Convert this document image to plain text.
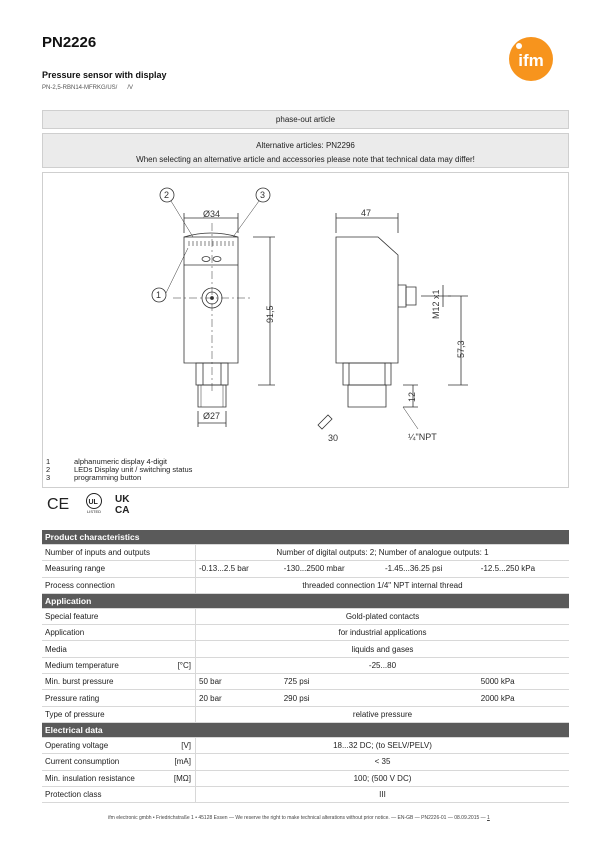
PN2226
Pressure sensor with display
PN-2,5-RBN14-MFRKG/US/ /V
ifm
phase-out article
Alternative articles: PN2296
When selecting an alternative article and accessories please note that technical data may differ!
Ø34
Ø27
91,5
2	3
1
47
M12 x1
57,3
12
30	¼"NPT
1	alphanumeric display 4-digit
2	LEDs Display unit / switching status
3	programming button
CE	UL
LISTED
UK
CA
Product characteristics					
Number of inputs and outputs		Number of digital outputs: 2; Number of analogue outputs: 1			
Measuring range		-0.13...2.5 bar	-130...2500 mbar	-1.45...36.25 psi	-12.5...250 kPa
Process connection		threaded connection 1/4" NPT internal thread			
Application					
Special feature		Gold-plated contacts			
Application		for industrial applications			
Media		liquids and gases			
Medium temperature	[°C]	-25...80			
Min. burst pressure		50 bar	725 psi		5000 kPa
Pressure rating		20 bar	290 psi		2000 kPa
Type of pressure		relative pressure			
Electrical data					
Operating voltage	[V]	18...32 DC; (to SELV/PELV)			
Current consumption	[mA]	< 35			
Min. insulation resistance	[MΩ]	100; (500 V DC)			
Protection class		III			
ifm electronic gmbh • Friedrichstraße 1 • 45128 Essen — We reserve the right to make technical alterations without prior notice. — EN-GB — PN2226-01 — 08.09.2015 — 1
